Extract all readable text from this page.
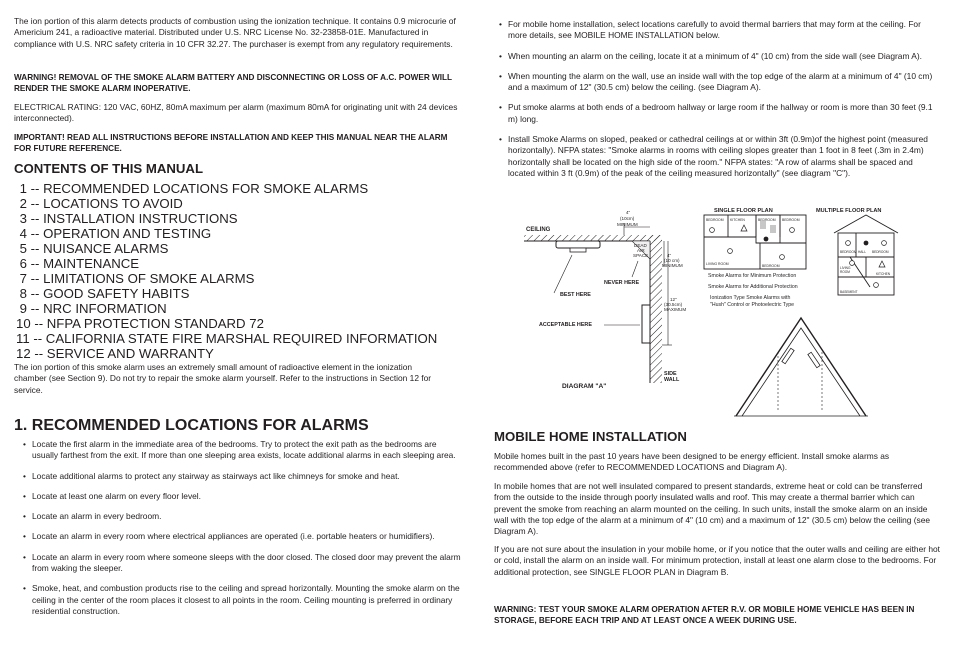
The ion portion of this alarm detects products of combustion using the ionization technique. It contains 0.9 microcurie of Americium 241, a radioactive material. Distributed under U.S. NRC License No. 32-23858-01E. Manufactured in compliance with U.S. NRC safety criteria in 10 CFR 32.27. The purchaser is exempt from any regulatory requirements.
WARNING! REMOVAL OF THE SMOKE ALARM BATTERY AND DISCONNECTING OR LOSS OF A.C. POWER WILL RENDER THE SMOKE ALARM INOPERATIVE.
ELECTRICAL RATING: 120 VAC, 60HZ, 80mA maximum per alarm (maximum 80mA for originating unit with 24 devices interconnected).
IMPORTANT! READ ALL INSTRUCTIONS BEFORE INSTALLATION AND KEEP THIS MANUAL NEAR THE ALARM FOR FUTURE REFERENCE.
CONTENTS OF THIS MANUAL
1 -- RECOMMENDED LOCATIONS FOR SMOKE ALARMS
2 -- LOCATIONS TO AVOID
3 -- INSTALLATION INSTRUCTIONS
4 -- OPERATION AND TESTING
5 -- NUISANCE ALARMS
6 -- MAINTENANCE
7 -- LIMITATIONS OF SMOKE ALARMS
8 -- GOOD SAFETY HABITS
9 -- NRC INFORMATION
10 -- NFPA PROTECTION STANDARD 72
11 -- CALIFORNIA STATE FIRE MARSHAL REQUIRED INFORMATION
12 -- SERVICE AND WARRANTY
The ion portion of this smoke alarm uses an extremely small amount of radioactive element in the ionization chamber (see Section 9). Do not try to repair the smoke alarm yourself. Refer to the instructions in Section 12 for service.
1. RECOMMENDED LOCATIONS FOR ALARMS
• Locate the first alarm in the immediate area of the bedrooms. Try to protect the exit path as the bedrooms are usually farthest from the exit. If more than one sleeping area exists, locate additional alarms in each sleeping area.
• Locate additional alarms to protect any stairway as stairways act like chimneys for smoke and heat.
• Locate at least one alarm on every floor level.
• Locate an alarm in every bedroom.
• Locate an alarm in every room where electrical appliances are operated (i.e. portable heaters or humidifiers).
• Locate an alarm in every room where someone sleeps with the door closed. The closed door may prevent the alarm from waking the sleeper.
• Smoke, heat, and combustion products rise to the ceiling and spread horizontally. Mounting the smoke alarm on the ceiling in the center of the room places it closest to all points in the room. Ceiling mounting is preferred in ordinary residential construction.
• For mobile home installation, select locations carefully to avoid thermal barriers that may form at the ceiling. For more details, see MOBILE HOME INSTALLATION below.
• When mounting an alarm on the ceiling, locate it at a minimum of 4" (10 cm) from the side wall (see Diagram A).
• When mounting the alarm on the wall, use an inside wall with the top edge of the alarm at a minimum of 4" (10 cm) and a maximum of 12" (30.5 cm) below the ceiling. (see Diagram A).
• Put smoke alarms at both ends of a bedroom hallway or large room if the hallway or room is more than 30 feet (9.1 m) long.
• Install Smoke Alarms on sloped, peaked or cathedral ceilings at or within 3ft (0.9m)of the highest point (measured horizontally). NFPA states: "Smoke alarms in rooms with ceiling slopes greater than 1 foot in 8 feet (.3m in 2.4m) horizontally shall be located on the high side of the room." NFPA states: "A row of alarms shall be spaced and located within 3 ft (0.9m) of the peak of the ceiling measured horizontally" (see diagram "C").
CEILING
4"
(10cm)
MINIMUM
DEAD
AIR
SPACE	4"
(10 cm)
MINIMUM
NEVER HERE
BEST HERE
12"
(30.5cm)
MAXIMUM
ACCEPTABLE HERE
SIDE
WALL
DIAGRAM "A"
SINGLE FLOOR PLAN	MULTIPLE FLOOR PLAN
BEDROOM KITCHEN	BEDROOM BEDROOM
LIVING ROOM	BEDROOM
BEDROOM HALL BEDROOM
LIVING
ROOM	KITCHEN
BASEMENT
Smoke Alarms for Minimum Protection
Smoke Alarms for Additional Protection
Ionization Type Smoke Alarms with
"Hush" Control or Photoelectric Type
MOBILE HOME INSTALLATION
Mobile homes built in the past 10 years have been designed to be energy efficient. Install smoke alarms as recommended above (refer to RECOMMENDED LOCATIONS and Diagram A).
In mobile homes that are not well insulated compared to present standards, extreme heat or cold can be transferred from the outside to the inside through poorly insulated walls and roof. This may create a thermal barrier which can prevent the smoke from reaching an alarm mounted on the ceiling. In such units, install the smoke alarm on an inside wall with the top edge of the alarm at a minimum of 4" (10 cm) and a maximum of 12" (30.5 cm) below the ceiling (see Diagram A).
If you are not sure about the insulation in your mobile home, or if you notice that the outer walls and ceiling are either hot or cold, install the alarm on an inside wall. For minimum protection, install at least one alarm close to the bedrooms. For additional protection, see SINGLE FLOOR PLAN in Diagram B.
WARNING: TEST YOUR SMOKE ALARM OPERATION AFTER R.V. OR MOBILE HOME VEHICLE HAS BEEN IN STORAGE, BEFORE EACH TRIP AND AT LEAST ONCE A WEEK DURING USE.
